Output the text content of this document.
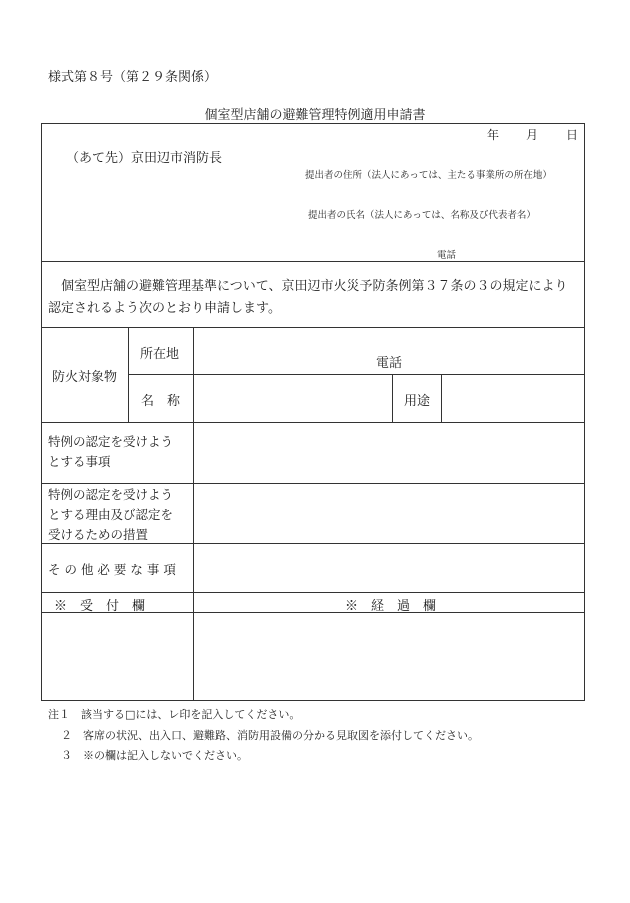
様式第８号（第２９条関係）
個室型店舗の避難管理特例適用申請書
年 月 日
（あて先）京田辺市消防長
提出者の住所（法人にあっては、主たる事業所の所在地）
提出者の氏名（法人にあっては、名称及び代表者名）
電話
個室型店舗の避難管理基準について、京田辺市火災予防条例第３７条の３の規定により
認定されるよう次のとおり申請します。
防火対象物
所在地
電話
名　称	用途
特例の認定を受けよう
とする事項
特例の認定を受けよう
とする理由及び認定を
受けるための措置
そ の 他 必 要 な 事 項
※　受　付　欄	※　経　過　欄
注１　該当する□には、レ印を記入してください。
２　客席の状況、出入口、避難路、消防用設備の分かる見取図を添付してください。
３　※の欄は記入しないでください。
